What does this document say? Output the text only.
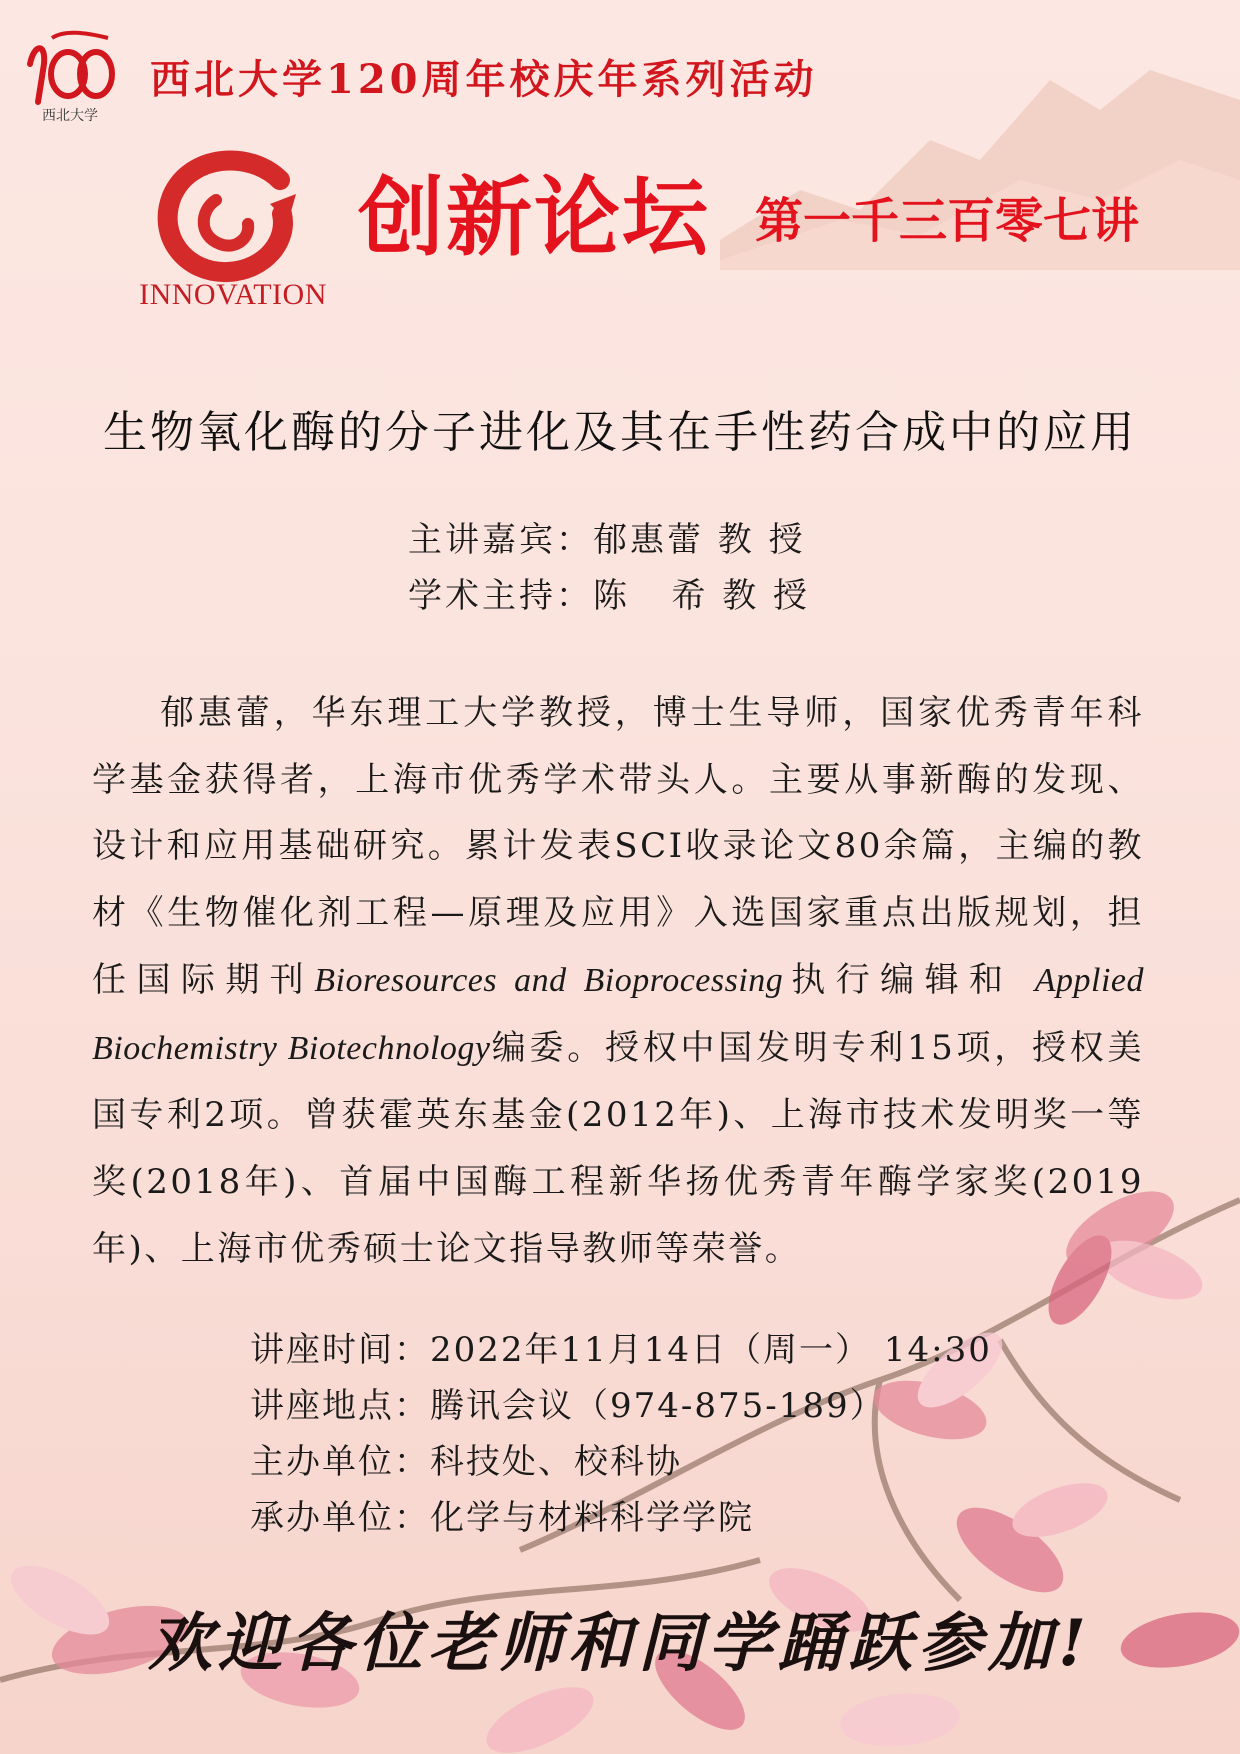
西北大学
西北大学120周年校庆年系列活动
INNOVATION
创新论坛 第一千三百零七讲
生物氧化酶的分子进化及其在手性药合成中的应用
主讲嘉宾：郁惠蕾 教 授
学术主持：陈   希 教 授
郁惠蕾，华东理工大学教授，博士生导师，国家优秀青年科学基金获得者，上海市优秀学术带头人。主要从事新酶的发现、设计和应用基础研究。累计发表SCI收录论文80余篇，主编的教材《生物催化剂工程—原理及应用》入选国家重点出版规划，担任国际期刊Bioresources and Bioprocessing执行编辑和 Applied Biochemistry Biotechnology编委。授权中国发明专利15项，授权美国专利2项。曾获霍英东基金(2012年)、上海市技术发明奖一等奖(2018年)、首届中国酶工程新华扬优秀青年酶学家奖(2019年)、上海市优秀硕士论文指导教师等荣誉。
讲座时间：2022年11月14日（周一） 14:30
讲座地点：腾讯会议（974-875-189）
主办单位：科技处、校科协
承办单位：化学与材料科学学院
欢迎各位老师和同学踊跃参加!
